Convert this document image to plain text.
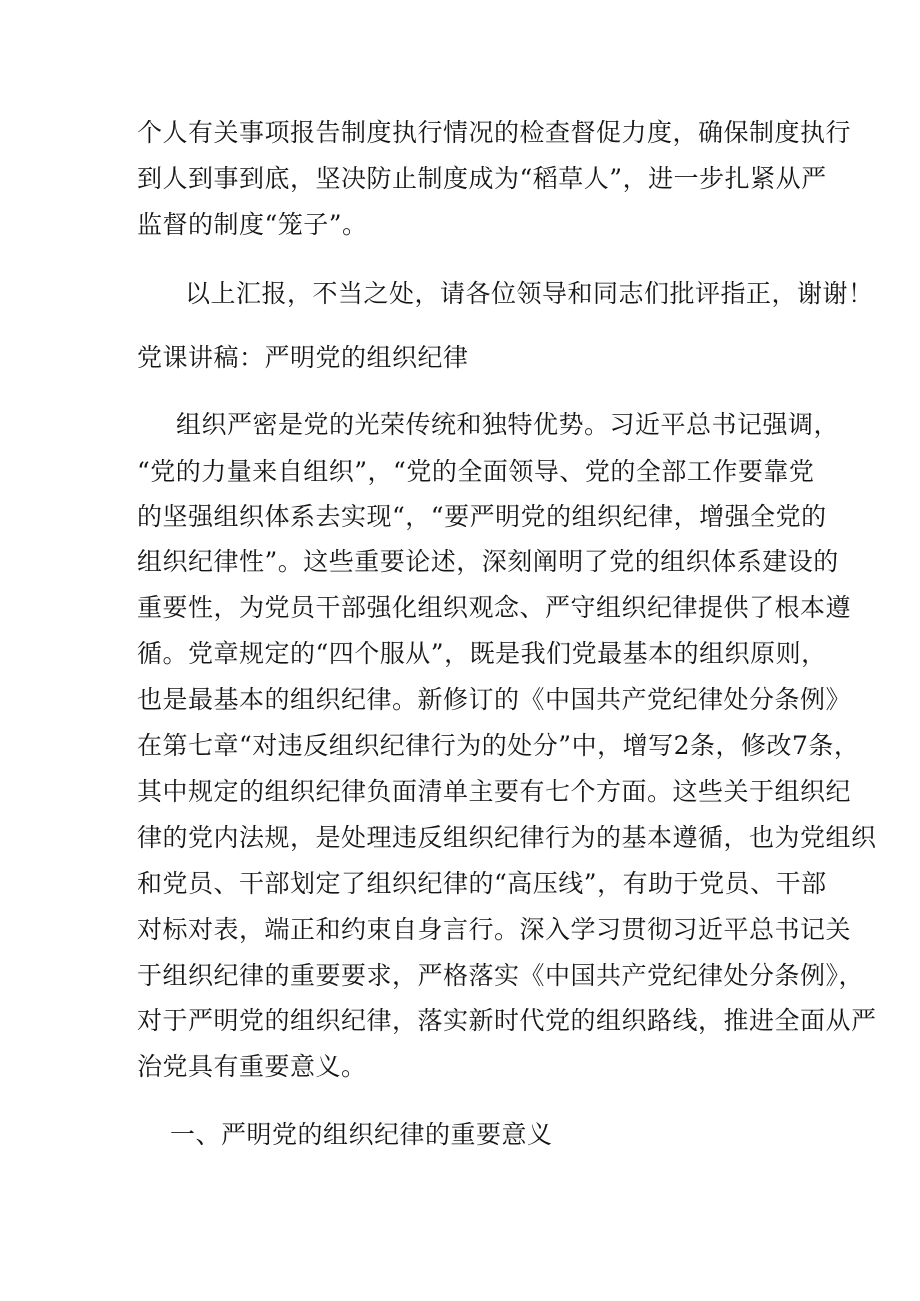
个人有关事项报告制度执行情况的检查督促力度，确保制度执行
到人到事到底，坚决防止制度成为“稻草人”，进一步扎紧从严
监督的制度“笼子”。
以上汇报，不当之处，请各位领导和同志们批评指正，谢谢！
党课讲稿：严明党的组织纪律
组织严密是党的光荣传统和独特优势。习近平总书记强调，
“党的力量来自组织”，“党的全面领导、党的全部工作要靠党
的坚强组织体系去实现“，“要严明党的组织纪律，增强全党的
组织纪律性”。这些重要论述，深刻阐明了党的组织体系建设的
重要性，为党员干部强化组织观念、严守组织纪律提供了根本遵
循。党章规定的“四个服从”，既是我们党最基本的组织原则，
也是最基本的组织纪律。新修订的《中国共产党纪律处分条例》
在第七章“对违反组织纪律行为的处分”中，增写2条，修改7条，
其中规定的组织纪律负面清单主要有七个方面。这些关于组织纪
律的党内法规，是处理违反组织纪律行为的基本遵循，也为党组织
和党员、干部划定了组织纪律的“高压线”，有助于党员、干部
对标对表，端正和约束自身言行。深入学习贯彻习近平总书记关
于组织纪律的重要要求，严格落实《中国共产党纪律处分条例》，
对于严明党的组织纪律，落实新时代党的组织路线，推进全面从严
治党具有重要意义。
一、严明党的组织纪律的重要意义
